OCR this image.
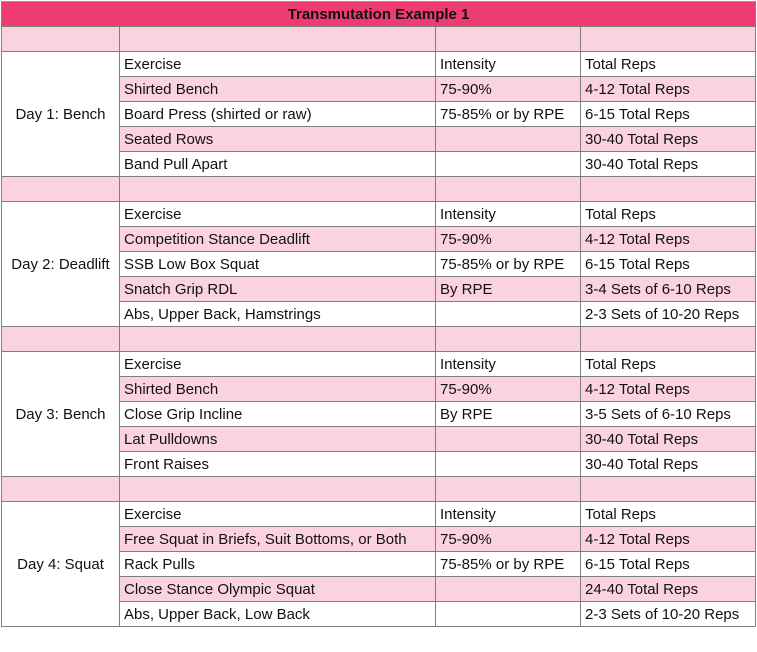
Transmutation Example 1			

Day 1: Bench	Exercise	Intensity	Total Reps
	Shirted Bench	75-90%	4-12 Total Reps
	Board Press (shirted or raw)	75-85% or by RPE	6-15 Total Reps
	Seated Rows		30-40 Total Reps
	Band Pull Apart		30-40 Total Reps

Day 2: Deadlift	Exercise	Intensity	Total Reps
	Competition Stance Deadlift	75-90%	4-12 Total Reps
	SSB Low Box Squat	75-85% or by RPE	6-15 Total Reps
	Snatch Grip RDL	By RPE	3-4 Sets of 6-10 Reps
	Abs, Upper Back, Hamstrings		2-3 Sets of 10-20 Reps

Day 3: Bench	Exercise	Intensity	Total Reps
	Shirted Bench	75-90%	4-12 Total Reps
	Close Grip Incline	By RPE	3-5 Sets of 6-10 Reps
	Lat Pulldowns		30-40 Total Reps
	Front Raises		30-40 Total Reps

Day 4: Squat	Exercise	Intensity	Total Reps
	Free Squat in Briefs, Suit Bottoms, or Both	75-90%	4-12 Total Reps
	Rack Pulls	75-85% or by RPE	6-15 Total Reps
	Close Stance Olympic Squat		24-40 Total Reps
	Abs, Upper Back, Low Back		2-3 Sets of 10-20 Reps
